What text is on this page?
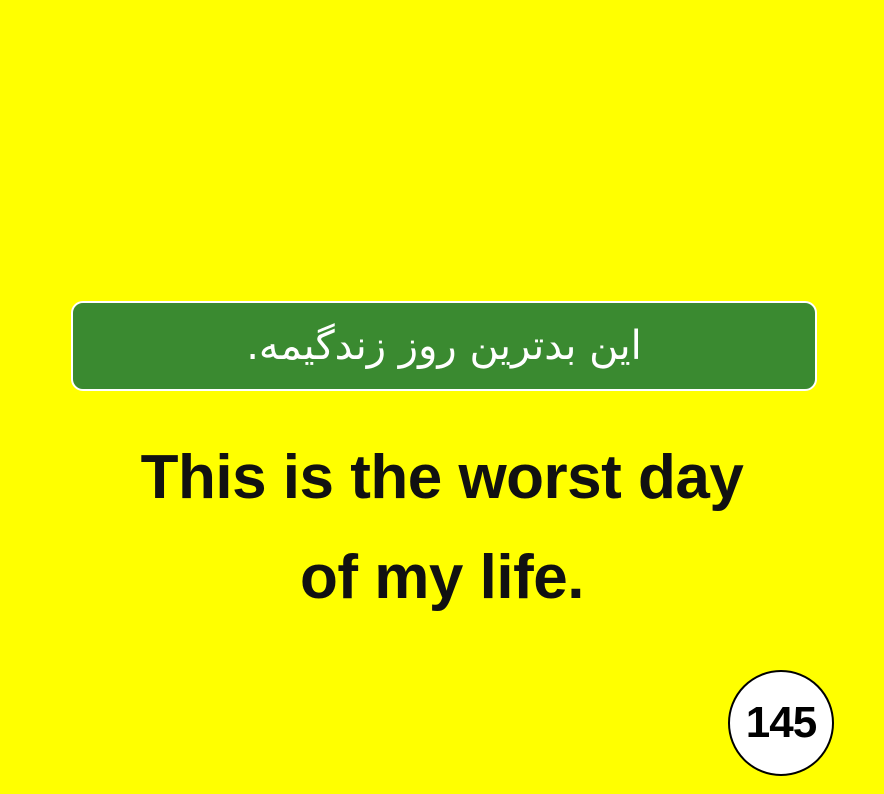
این بدترین روز زندگیمه.
This is the worst day
of my life.
145
